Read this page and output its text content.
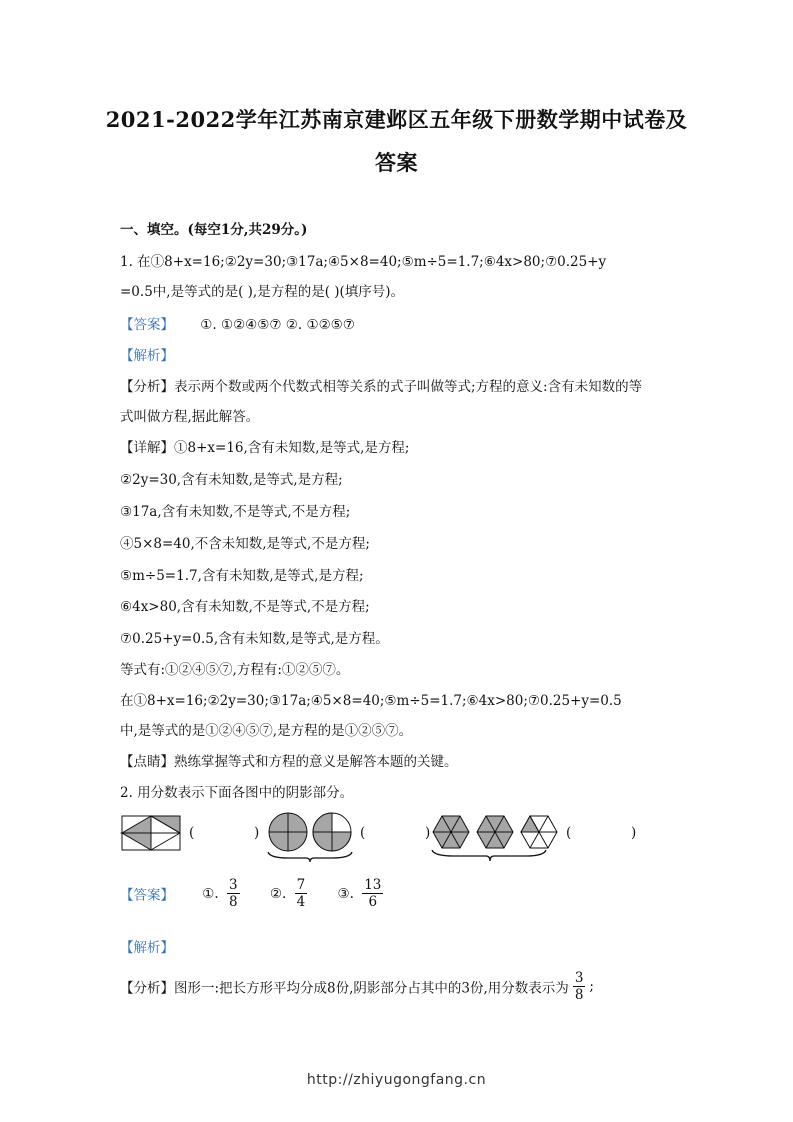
2021-2022学年江苏南京建邺区五年级下册数学期中试卷及
答案
一、填空。(每空1分,共29分。)
1. 在①8+x=16;②2y=30;③17a;④5×8=40;⑤m÷5=1.7;⑥4x>80;⑦0.25+y
=0.5中,是等式的是( ),是方程的是( )(填序号)。
【答案】 ①. ①②④⑤⑦ ②. ①②⑤⑦
【解析】
【分析】表示两个数或两个代数式相等关系的式子叫做等式;方程的意义:含有未知数的等
式叫做方程,据此解答。
【详解】①8+x=16,含有未知数,是等式,是方程;
②2y=30,含有未知数,是等式,是方程;
③17a,含有未知数,不是等式,不是方程;
④5×8=40,不含未知数,是等式,不是方程;
⑤m÷5=1.7,含有未知数,是等式,是方程;
⑥4x>80,含有未知数,不是等式,不是方程;
⑦0.25+y=0.5,含有未知数,是等式,是方程。
等式有:①②④⑤⑦,方程有:①②⑤⑦。
在①8+x=16;②2y=30;③17a;④5×8=40;⑤m÷5=1.7;⑥4x>80;⑦0.25+y=0.5
中,是等式的是①②④⑤⑦,是方程的是①②⑤⑦。
【点睛】熟练掌握等式和方程的意义是解答本题的关键。
2. 用分数表示下面各图中的阴影部分。
(	)	(	)	(	)
【答案】 ①. $\frac{3}{8}$ ②. $\frac{7}{4}$ ③. $\frac{13}{6}$
【解析】
【分析】图形一:把长方形平均分成8份,阴影部分占其中的3份,用分数表示为 $\frac{3}{8}$ ;
http://zhiyugongfang.cn
